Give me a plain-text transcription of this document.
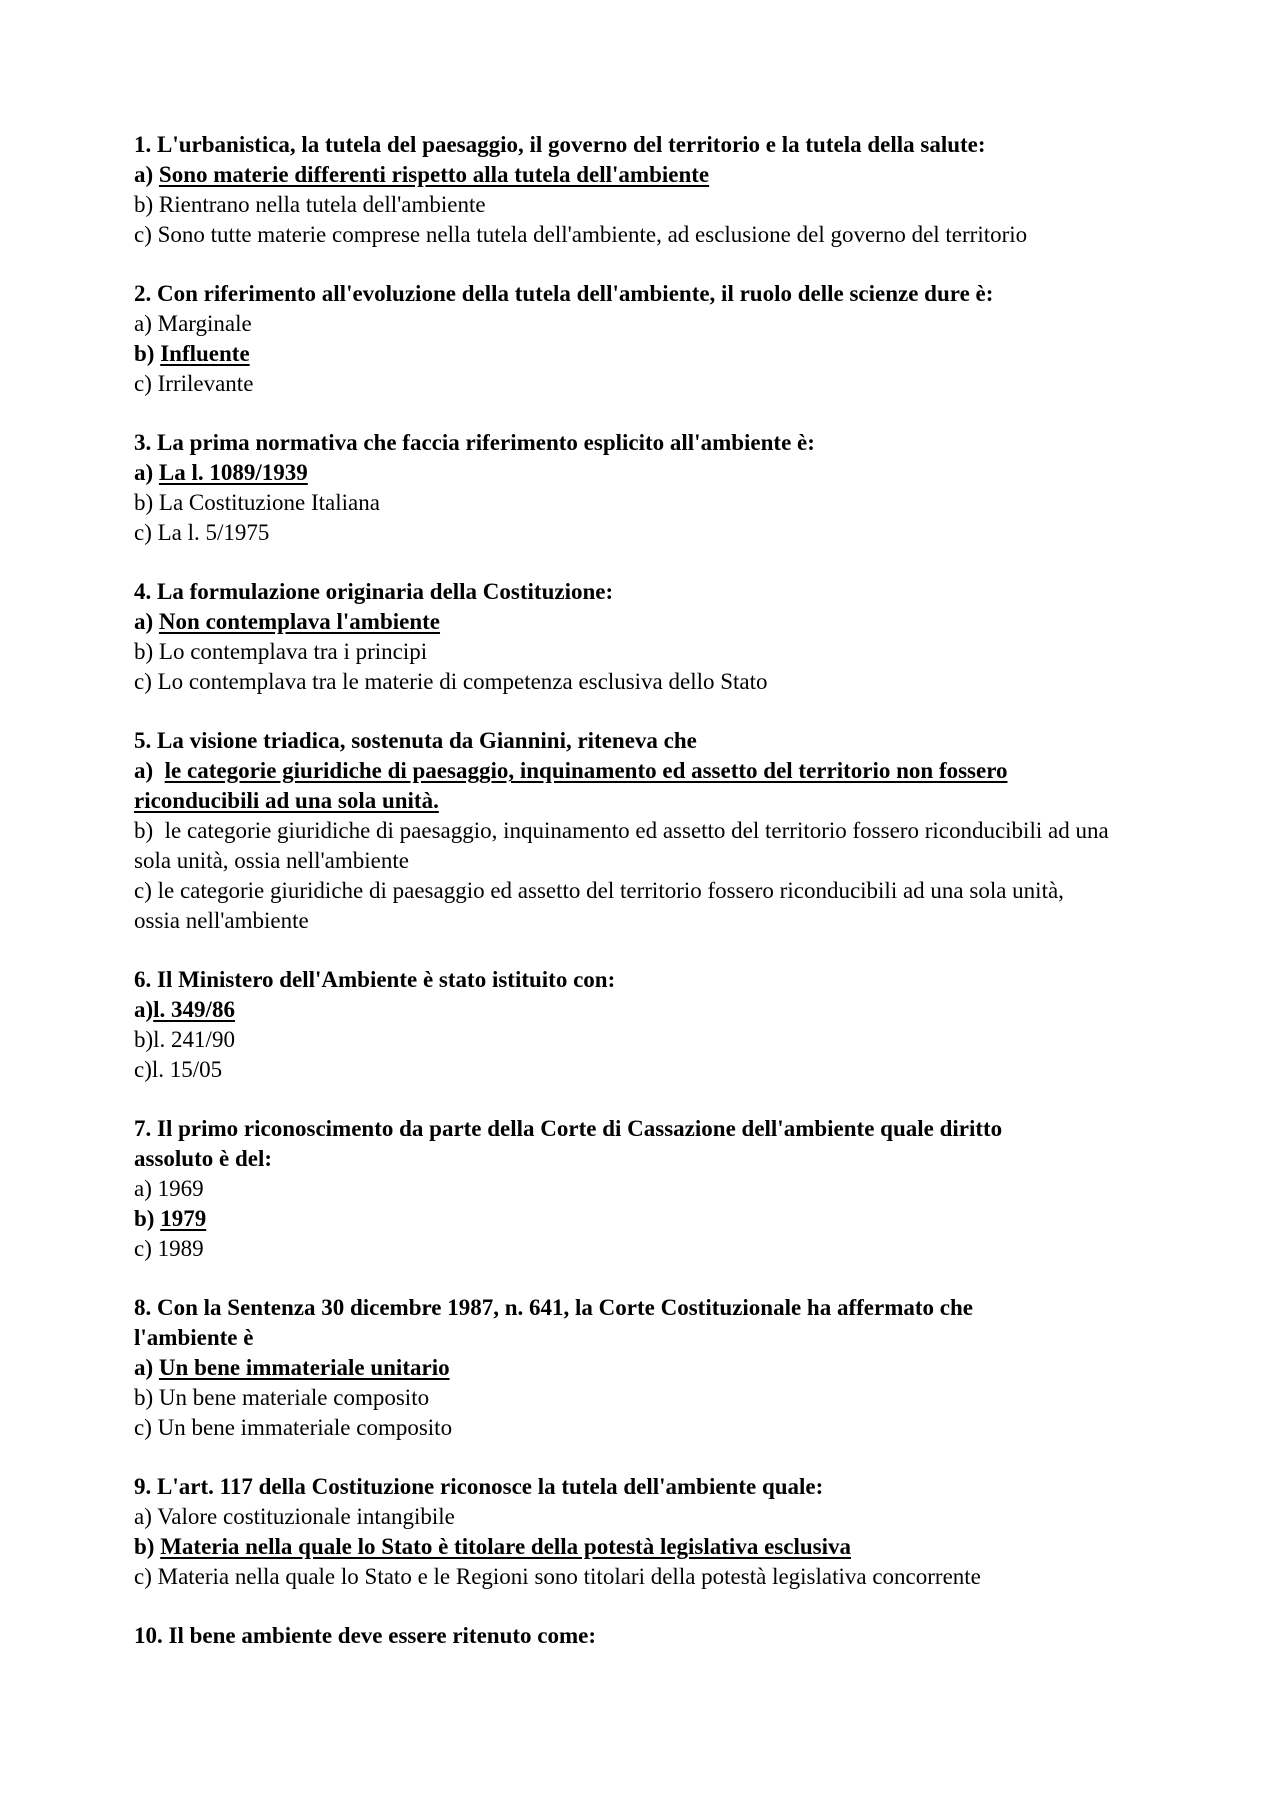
1. L'urbanistica, la tutela del paesaggio, il governo del territorio e la tutela della salute:
a) Sono materie differenti rispetto alla tutela dell'ambiente
b) Rientrano nella tutela dell'ambiente
c) Sono tutte materie comprese nella tutela dell'ambiente, ad esclusione del governo del territorio
2. Con riferimento all'evoluzione della tutela dell'ambiente, il ruolo delle scienze dure è:
a) Marginale
b) Influente
c) Irrilevante
3. La prima normativa che faccia riferimento esplicito all'ambiente è:
a) La l. 1089/1939
b) La Costituzione Italiana
c) La l. 5/1975
4. La formulazione originaria della Costituzione:
a) Non contemplava l'ambiente
b) Lo contemplava tra i principi
c) Lo contemplava tra le materie di competenza esclusiva dello Stato
5. La visione triadica, sostenuta da Giannini, riteneva che
a) le categorie giuridiche di paesaggio, inquinamento ed assetto del territorio non fossero riconducibili ad una sola unità.
b) le categorie giuridiche di paesaggio, inquinamento ed assetto del territorio fossero riconducibili ad una sola unità, ossia nell'ambiente
c) le categorie giuridiche di paesaggio ed assetto del territorio fossero riconducibili ad una sola unità, ossia nell'ambiente
6. Il Ministero dell'Ambiente è stato istituito con:
a)l. 349/86
b)l. 241/90
c)l. 15/05
7. Il primo riconoscimento da parte della Corte di Cassazione dell'ambiente quale diritto assoluto è del:
a) 1969
b) 1979
c) 1989
8. Con la Sentenza 30 dicembre 1987, n. 641, la Corte Costituzionale ha affermato che l'ambiente è
a) Un bene immateriale unitario
b) Un bene materiale composito
c) Un bene immateriale composito
9. L'art. 117 della Costituzione riconosce la tutela dell'ambiente quale:
a) Valore costituzionale intangibile
b) Materia nella quale lo Stato è titolare della potestà legislativa esclusiva
c) Materia nella quale lo Stato e le Regioni sono titolari della potestà legislativa concorrente
10. Il bene ambiente deve essere ritenuto come:
